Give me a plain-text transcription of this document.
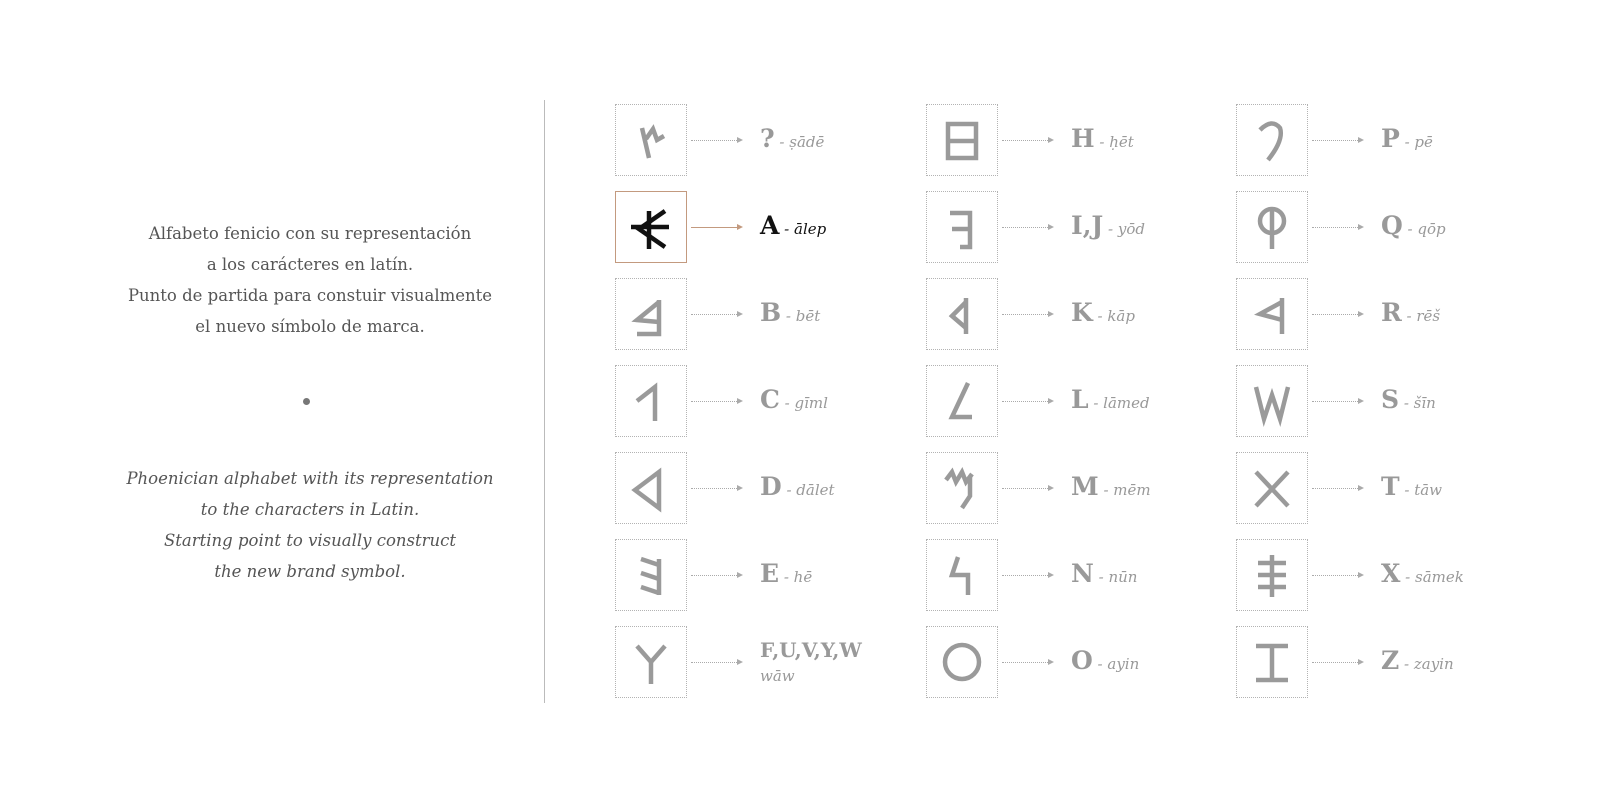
Alfabeto fenicio con su representación

a los carácteres en latín.

Punto de partida para constuir visualmente

el nuevo símbolo de marca.

Phoenician alphabet with its representation

to the characters in Latin.

Starting point to visually construct

the new brand symbol.

? - ṣādē
A - ālep
B - bēt
C - gīml
D - dālet
E - hē
F,U,V,Y,W
wāw
H - ḥēt
I,J - yōd
K - kāp
L - lāmed
M - mēm
N - nūn
O - ayin
P - pē
Q - qōp
R - rēš
S - šīn
T - tāw
X - sāmek
Z - zayin
